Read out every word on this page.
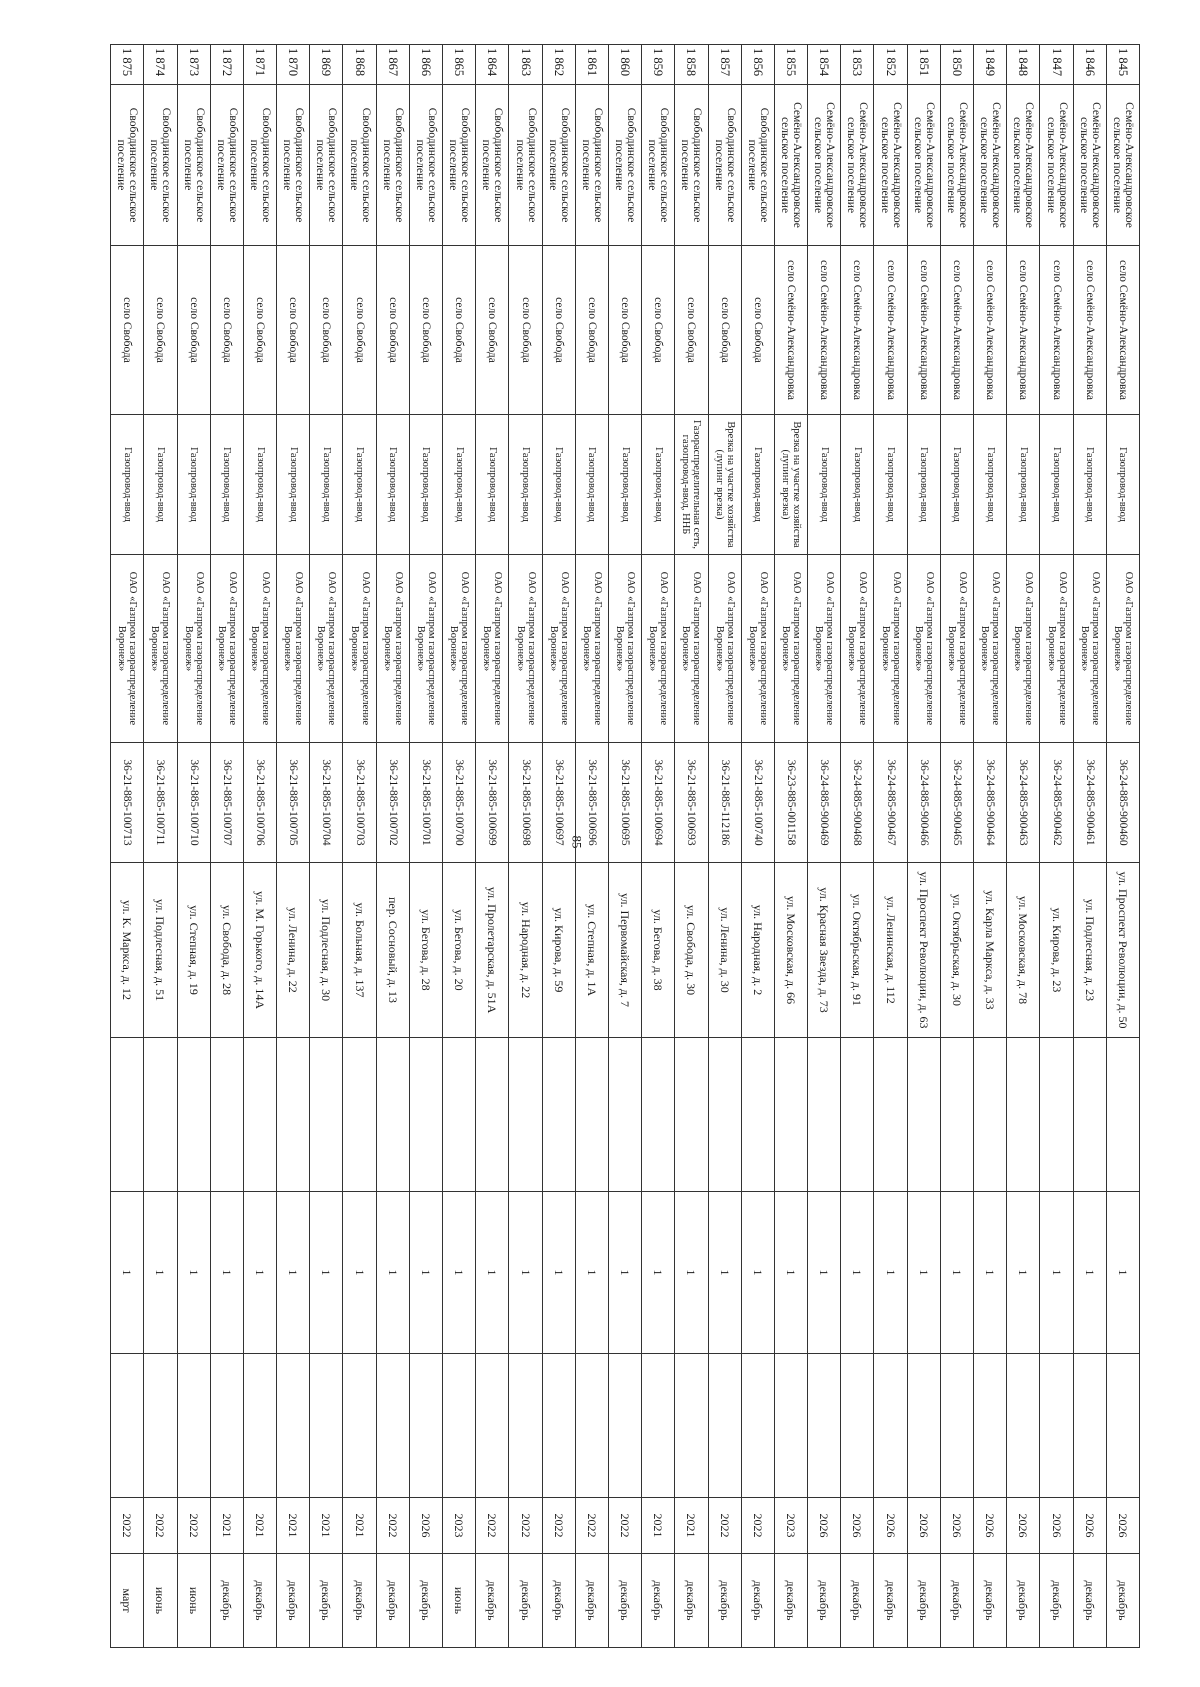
85
1 845	Семёно-Александровское сельское поселение	село Семёно-Александровка	Газопровод-ввод	ОАО «Газпром газораспределение Воронеж»	36-24-885-900460	ул. Проспект Революции, д. 50		1		2026	декабрь
1 846	Семёно-Александровское сельское поселение	село Семёно-Александровка	Газопровод-ввод	ОАО «Газпром газораспределение Воронеж»	36-24-885-900461	ул. Подлесная, д. 23		1		2026	декабрь
1 847	Семёно-Александровское сельское поселение	село Семёно-Александровка	Газопровод-ввод	ОАО «Газпром газораспределение Воронеж»	36-24-885-900462	ул. Кирова, д. 23		1		2026	декабрь
1 848	Семёно-Александровское сельское поселение	село Семёно-Александровка	Газопровод-ввод	ОАО «Газпром газораспределение Воронеж»	36-24-885-900463	ул. Московская, д. 78		1		2026	декабрь
1 849	Семёно-Александровское сельское поселение	село Семёно-Александровка	Газопровод-ввод	ОАО «Газпром газораспределение Воронеж»	36-24-885-900464	ул. Карла Маркса, д. 33		1		2026	декабрь
1 850	Семёно-Александровское сельское поселение	село Семёно-Александровка	Газопровод-ввод	ОАО «Газпром газораспределение Воронеж»	36-24-885-900465	ул. Октябрьская, д. 30		1		2026	декабрь
1 851	Семёно-Александровское сельское поселение	село Семёно-Александровка	Газопровод-ввод	ОАО «Газпром газораспределение Воронеж»	36-24-885-900466	ул. Проспект Революции, д. 63		1		2026	декабрь
1 852	Семёно-Александровское сельское поселение	село Семёно-Александровка	Газопровод-ввод	ОАО «Газпром газораспределение Воронеж»	36-24-885-900467	ул. Ленинская, д. 112		1		2026	декабрь
1 853	Семёно-Александровское сельское поселение	село Семёно-Александровка	Газопровод-ввод	ОАО «Газпром газораспределение Воронеж»	36-24-885-900468	ул. Октябрьская, д. 91		1		2026	декабрь
1 854	Семёно-Александровское сельское поселение	село Семёно-Александровка	Газопровод-ввод	ОАО «Газпром газораспределение Воронеж»	36-24-885-900469	ул. Красная Звезда, д. 73		1		2026	декабрь
1 855	Семёно-Александровское сельское поселение	село Семёно-Александровка	Врезка на участке хозяйства (лупинг врезка)	ОАО «Газпром газораспределение Воронеж»	36-23-885-001158	ул. Московская, д. 66		1		2023	декабрь
1 856	Свободинское сельское поселение	село Свобода	Газопровод-ввод	ОАО «Газпром газораспределение Воронеж»	36-21-885-100740	ул. Народная, д. 2		1		2022	декабрь
1 857	Свободинское сельское поселение	село Свобода	Врезка на участке хозяйства (лупинг врезка)	ОАО «Газпром газораспределение Воронеж»	36-21-885-112186	ул. Ленина, д. 30		1		2022	декабрь
1 858	Свободинское сельское поселение	село Свобода	Газораспределительная сеть, газопровод-ввод, ННБ	ОАО «Газпром газораспределение Воронеж»	36-21-885-100693	ул. Свобода, д. 30		1		2021	декабрь
1 859	Свободинское сельское поселение	село Свобода	Газопровод-ввод	ОАО «Газпром газораспределение Воронеж»	36-21-885-100694	ул. Бегова, д. 38		1		2021	декабрь
1 860	Свободинское сельское поселение	село Свобода	Газопровод-ввод	ОАО «Газпром газораспределение Воронеж»	36-21-885-100695	ул. Первомайская, д. 7		1		2022	декабрь
1 861	Свободинское сельское поселение	село Свобода	Газопровод-ввод	ОАО «Газпром газораспределение Воронеж»	36-21-885-100696	ул. Степная, д. 1А		1		2022	декабрь
1 862	Свободинское сельское поселение	село Свобода	Газопровод-ввод	ОАО «Газпром газораспределение Воронеж»	36-21-885-100697	ул. Кирова, д. 59		1		2022	декабрь
1 863	Свободинское сельское поселение	село Свобода	Газопровод-ввод	ОАО «Газпром газораспределение Воронеж»	36-21-885-100698	ул. Народная, д. 22		1		2022	декабрь
1 864	Свободинское сельское поселение	село Свобода	Газопровод-ввод	ОАО «Газпром газораспределение Воронеж»	36-21-885-100699	ул. Пролетарская, д. 51А		1		2022	декабрь
1 865	Свободинское сельское поселение	село Свобода	Газопровод-ввод	ОАО «Газпром газораспределение Воронеж»	36-21-885-100700	ул. Бегова, д. 20		1		2023	июнь
1 866	Свободинское сельское поселение	село Свобода	Газопровод-ввод	ОАО «Газпром газораспределение Воронеж»	36-21-885-100701	ул. Бегова, д. 28		1		2026	декабрь
1 867	Свободинское сельское поселение	село Свобода	Газопровод-ввод	ОАО «Газпром газораспределение Воронеж»	36-21-885-100702	пер. Сосновый, д. 13		1		2022	декабрь
1 868	Свободинское сельское поселение	село Свобода	Газопровод-ввод	ОАО «Газпром газораспределение Воронеж»	36-21-885-100703	ул. Больная, д. 137		1		2021	декабрь
1 869	Свободинское сельское поселение	село Свобода	Газопровод-ввод	ОАО «Газпром газораспределение Воронеж»	36-21-885-100704	ул. Подлесная, д. 30		1		2021	декабрь
1 870	Свободинское сельское поселение	село Свобода	Газопровод-ввод	ОАО «Газпром газораспределение Воронеж»	36-21-885-100705	ул. Ленина, д. 22		1		2021	декабрь
1 871	Свободинское сельское поселение	село Свобода	Газопровод-ввод	ОАО «Газпром газораспределение Воронеж»	36-21-885-100706	ул. М. Горького, д. 14А		1		2021	декабрь
1 872	Свободинское сельское поселение	село Свобода	Газопровод-ввод	ОАО «Газпром газораспределение Воронеж»	36-21-885-100707	ул. Свобода, д. 28		1		2021	декабрь
1 873	Свободинское сельское поселение	село Свобода	Газопровод-ввод	ОАО «Газпром газораспределение Воронеж»	36-21-885-100710	ул. Степная, д. 19		1		2022	июнь
1 874	Свободинское сельское поселение	село Свобода	Газопровод-ввод	ОАО «Газпром газораспределение Воронеж»	36-21-885-100711	ул. Подлесная, д. 51		1		2022	июнь
1 875	Свободинское сельское поселение	село Свобода	Газопровод-ввод	ОАО «Газпром газораспределение Воронеж»	36-21-885-100713	ул. К. Маркса, д. 12		1		2022	март
